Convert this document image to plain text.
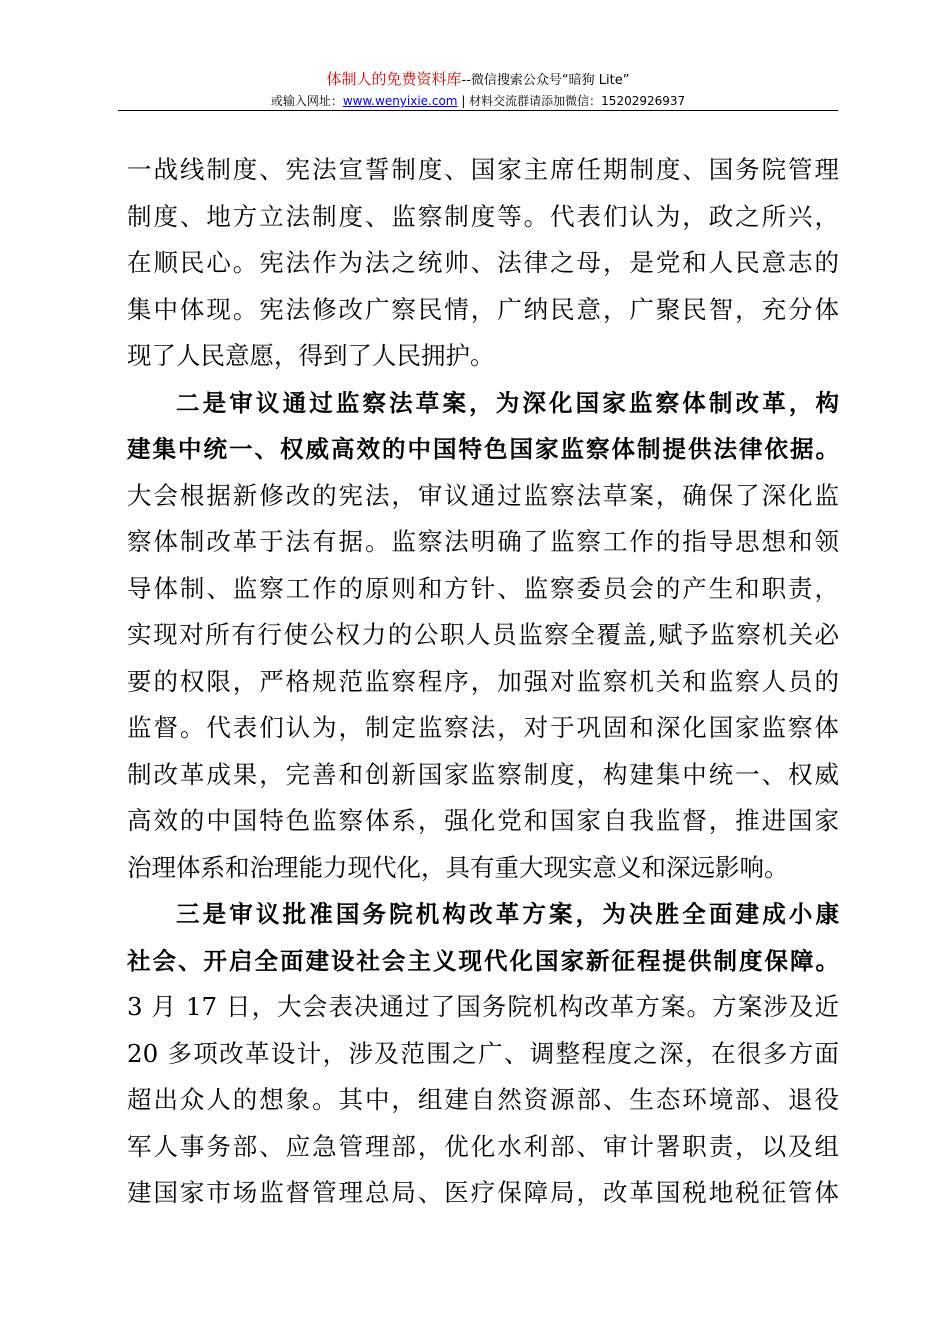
体制人的免费资料库--微信搜索公众号“暗狗 Lite”
或输入网址：www.wenyixie.com | 材料交流群请添加微信：15202926937
一战线制度、宪法宣誓制度、国家主席任期制度、国务院管理
制度、地方立法制度、监察制度等。代表们认为，政之所兴，
在顺民心。宪法作为法之统帅、法律之母，是党和人民意志的
集中体现。宪法修改广察民情，广纳民意，广聚民智，充分体
现了人民意愿，得到了人民拥护。
二是审议通过监察法草案，为深化国家监察体制改革，构
建集中统一、权威高效的中国特色国家监察体制提供法律依据。
大会根据新修改的宪法，审议通过监察法草案，确保了深化监
察体制改革于法有据。监察法明确了监察工作的指导思想和领
导体制、监察工作的原则和方针、监察委员会的产生和职责，
实现对所有行使公权力的公职人员监察全覆盖,赋予监察机关必
要的权限，严格规范监察程序，加强对监察机关和监察人员的
监督。代表们认为，制定监察法，对于巩固和深化国家监察体
制改革成果，完善和创新国家监察制度，构建集中统一、权威
高效的中国特色监察体系，强化党和国家自我监督，推进国家
治理体系和治理能力现代化，具有重大现实意义和深远影响。
三是审议批准国务院机构改革方案，为决胜全面建成小康
社会、开启全面建设社会主义现代化国家新征程提供制度保障。
3 月 17 日，大会表决通过了国务院机构改革方案。方案涉及近
20 多项改革设计，涉及范围之广、调整程度之深，在很多方面
超出众人的想象。其中，组建自然资源部、生态环境部、退役
军人事务部、应急管理部，优化水利部、审计署职责，以及组
建国家市场监督管理总局、医疗保障局，改革国税地税征管体
